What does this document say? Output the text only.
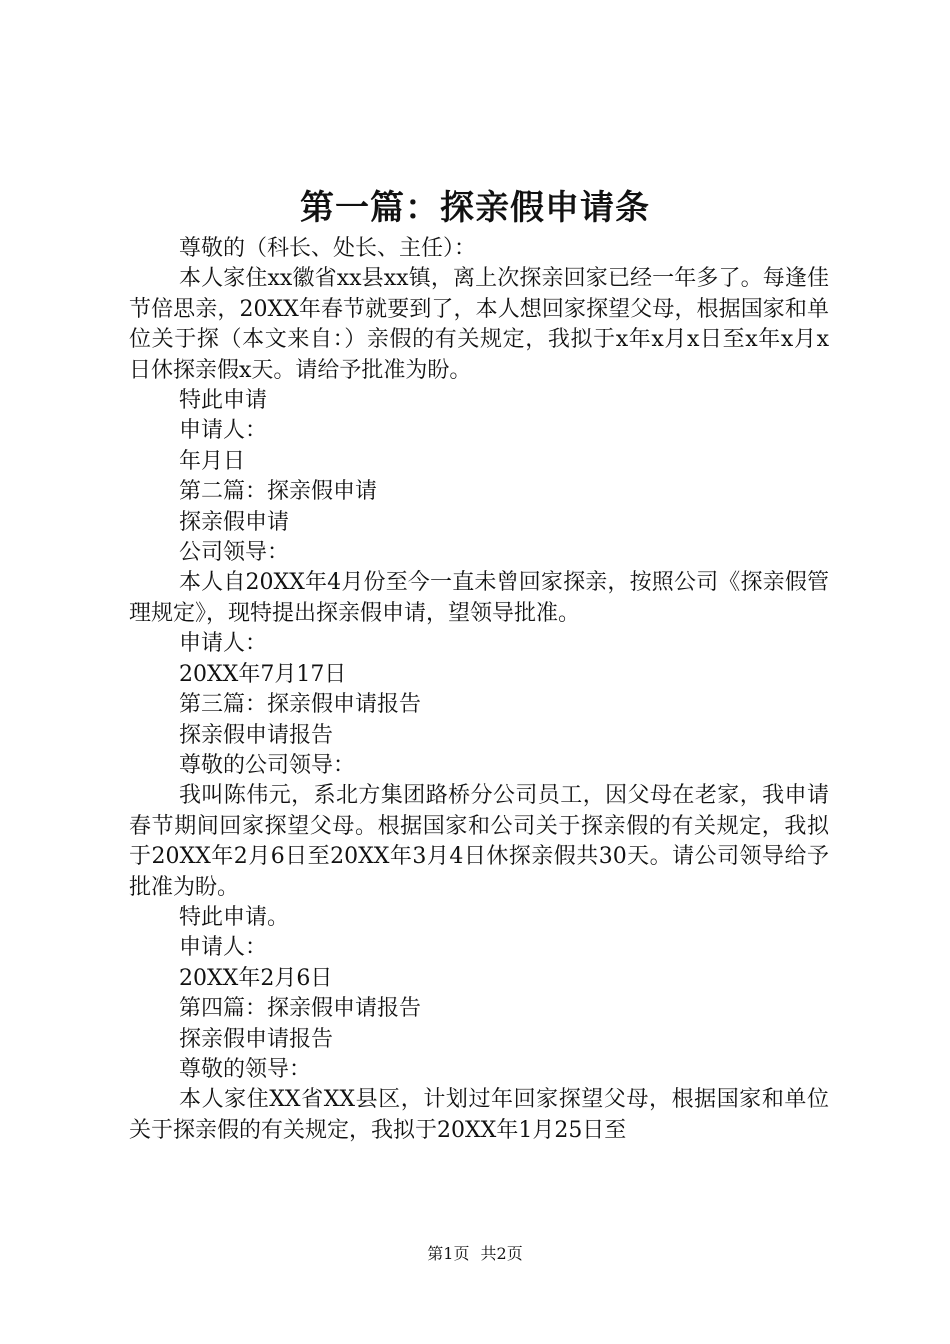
第一篇：探亲假申请条

尊敬的（科长、处长、主任）：

本人家住xx徽省xx县xx镇，离上次探亲回家已经一年多了。每逢佳节倍思亲，20XX年春节就要到了，本人想回家探望父母，根据国家和单位关于探（本文来自：）亲假的有关规定，我拟于x年x月x日至x年x月x日休探亲假x天。请给予批准为盼。

特此申请

申请人：

年月日

第二篇：探亲假申请

探亲假申请

公司领导：

本人自20XX年4月份至今一直未曾回家探亲，按照公司《探亲假管理规定》，现特提出探亲假申请，望领导批准。

申请人：

20XX年7月17日

第三篇：探亲假申请报告

探亲假申请报告

尊敬的公司领导：

我叫陈伟元，系北方集团路桥分公司员工，因父母在老家，我申请春节期间回家探望父母。根据国家和公司关于探亲假的有关规定，我拟于20XX年2月6日至20XX年3月4日休探亲假共30天。请公司领导给予批准为盼。

特此申请。

申请人：

20XX年2月6日

第四篇：探亲假申请报告

探亲假申请报告

尊敬的领导：

本人家住XX省XX县区，计划过年回家探望父母，根据国家和单位关于探亲假的有关规定，我拟于20XX年1月25日至

第1页 共2页
